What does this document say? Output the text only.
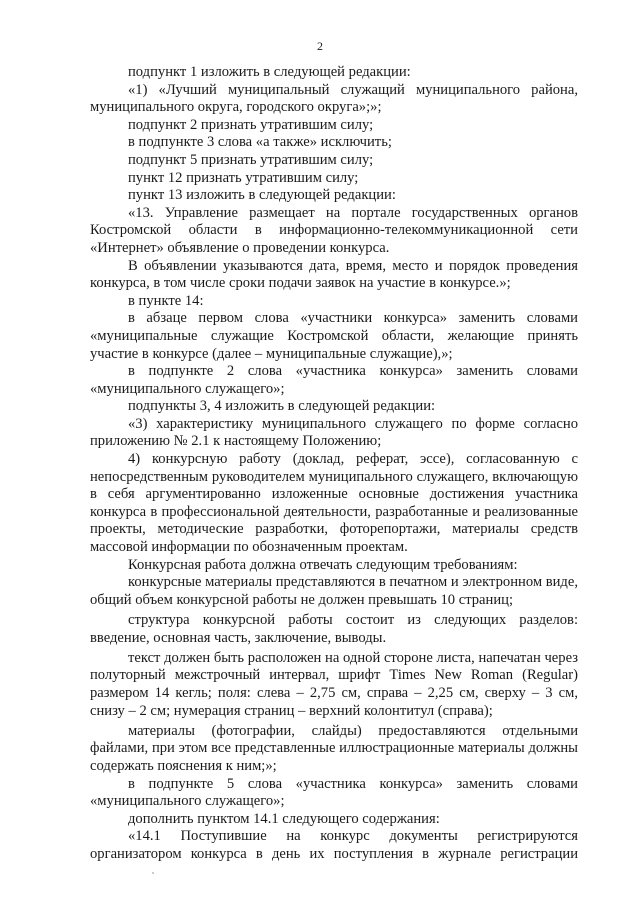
2

подпункт 1 изложить в следующей редакции:

«1) «Лучший муниципальный служащий муниципального района, муниципального округа, городского округа»;»;

подпункт 2 признать утратившим силу;

в подпункте 3 слова «а также» исключить;

подпункт 5 признать утратившим силу;

пункт 12 признать утратившим силу;

пункт 13 изложить в следующей редакции:

«13. Управление размещает на портале государственных органов Костромской области в информационно-телекоммуникационной сети «Интернет» объявление о проведении конкурса.

В объявлении указываются дата, время, место и порядок проведения конкурса, в том числе сроки подачи заявок на участие в конкурсе.»;

в пункте 14:

в абзаце первом слова «участники конкурса» заменить словами «муниципальные служащие Костромской области, желающие принять участие в конкурсе (далее – муниципальные служащие),»;

в подпункте 2 слова «участника конкурса» заменить словами «муниципального служащего»;

подпункты 3, 4 изложить в следующей редакции:

«3) характеристику муниципального служащего по форме согласно приложению № 2.1 к настоящему Положению;

4) конкурсную работу (доклад, реферат, эссе), согласованную с непосредственным руководителем муниципального служащего, включающую в себя аргументированно изложенные основные достижения участника конкурса в профессиональной деятельности, разработанные и реализованные проекты, методические разработки, фоторепортажи, материалы средств массовой информации по обозначенным проектам.

Конкурсная работа должна отвечать следующим требованиям:

конкурсные материалы представляются в печатном и электронном виде, общий объем конкурсной работы не должен превышать 10 страниц;

структура конкурсной работы состоит из следующих разделов: введение, основная часть, заключение, выводы.

текст должен быть расположен на одной стороне листа, напечатан через полуторный межстрочный интервал, шрифт Times New Roman (Regular) размером 14 кегль; поля: слева – 2,75 см, справа – 2,25 см, сверху – 3 см, снизу – 2 см; нумерация страниц – верхний колонтитул (справа);

материалы (фотографии, слайды) предоставляются отдельными файлами, при этом все представленные иллюстрационные материалы должны содержать пояснения к ним;»;

в подпункте 5 слова «участника конкурса» заменить словами «муниципального служащего»;

дополнить пунктом 14.1 следующего содержания:

«14.1 Поступившие на конкурс документы регистрируются организатором конкурса в день их поступления в журнале регистрации
